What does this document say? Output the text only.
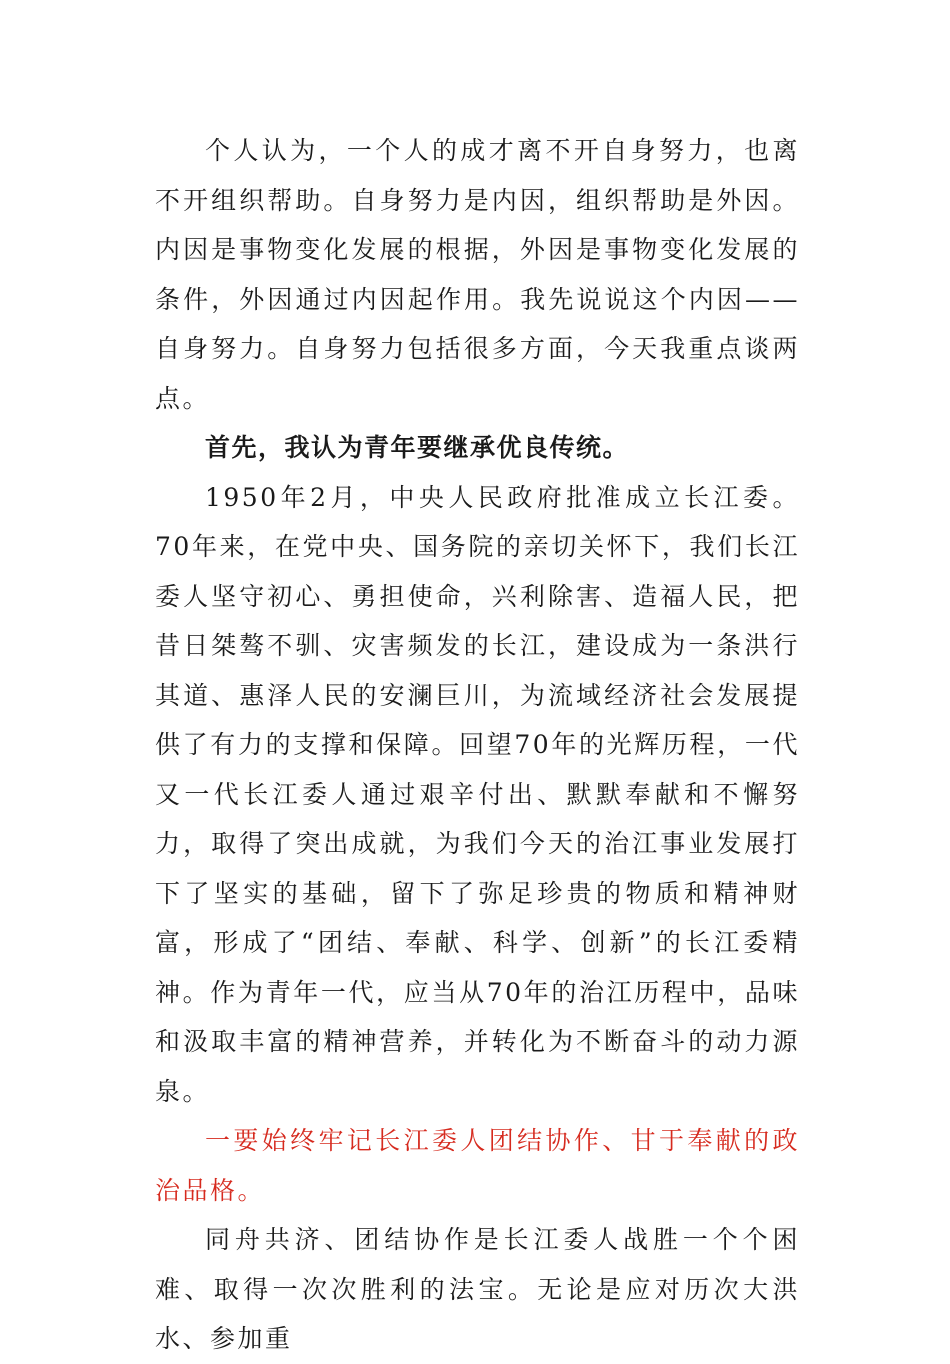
个人认为，一个人的成才离不开自身努力，也离不开组织帮助。自身努力是内因，组织帮助是外因。内因是事物变化发展的根据，外因是事物变化发展的条件，外因通过内因起作用。我先说说这个内因——自身努力。自身努力包括很多方面，今天我重点谈两点。

首先，我认为青年要继承优良传统。

1950年2月，中央人民政府批准成立长江委。70年来，在党中央、国务院的亲切关怀下，我们长江委人坚守初心、勇担使命，兴利除害、造福人民，把昔日桀骜不驯、灾害频发的长江，建设成为一条洪行其道、惠泽人民的安澜巨川，为流域经济社会发展提供了有力的支撑和保障。回望70年的光辉历程，一代又一代长江委人通过艰辛付出、默默奉献和不懈努力，取得了突出成就，为我们今天的治江事业发展打下了坚实的基础，留下了弥足珍贵的物质和精神财富，形成了“团结、奉献、科学、创新”的长江委精神。作为青年一代，应当从70年的治江历程中，品味和汲取丰富的精神营养，并转化为不断奋斗的动力源泉。

一要始终牢记长江委人团结协作、甘于奉献的政治品格。

同舟共济、团结协作是长江委人战胜一个个困难、取得一次次胜利的法宝。无论是应对历次大洪水、参加重
